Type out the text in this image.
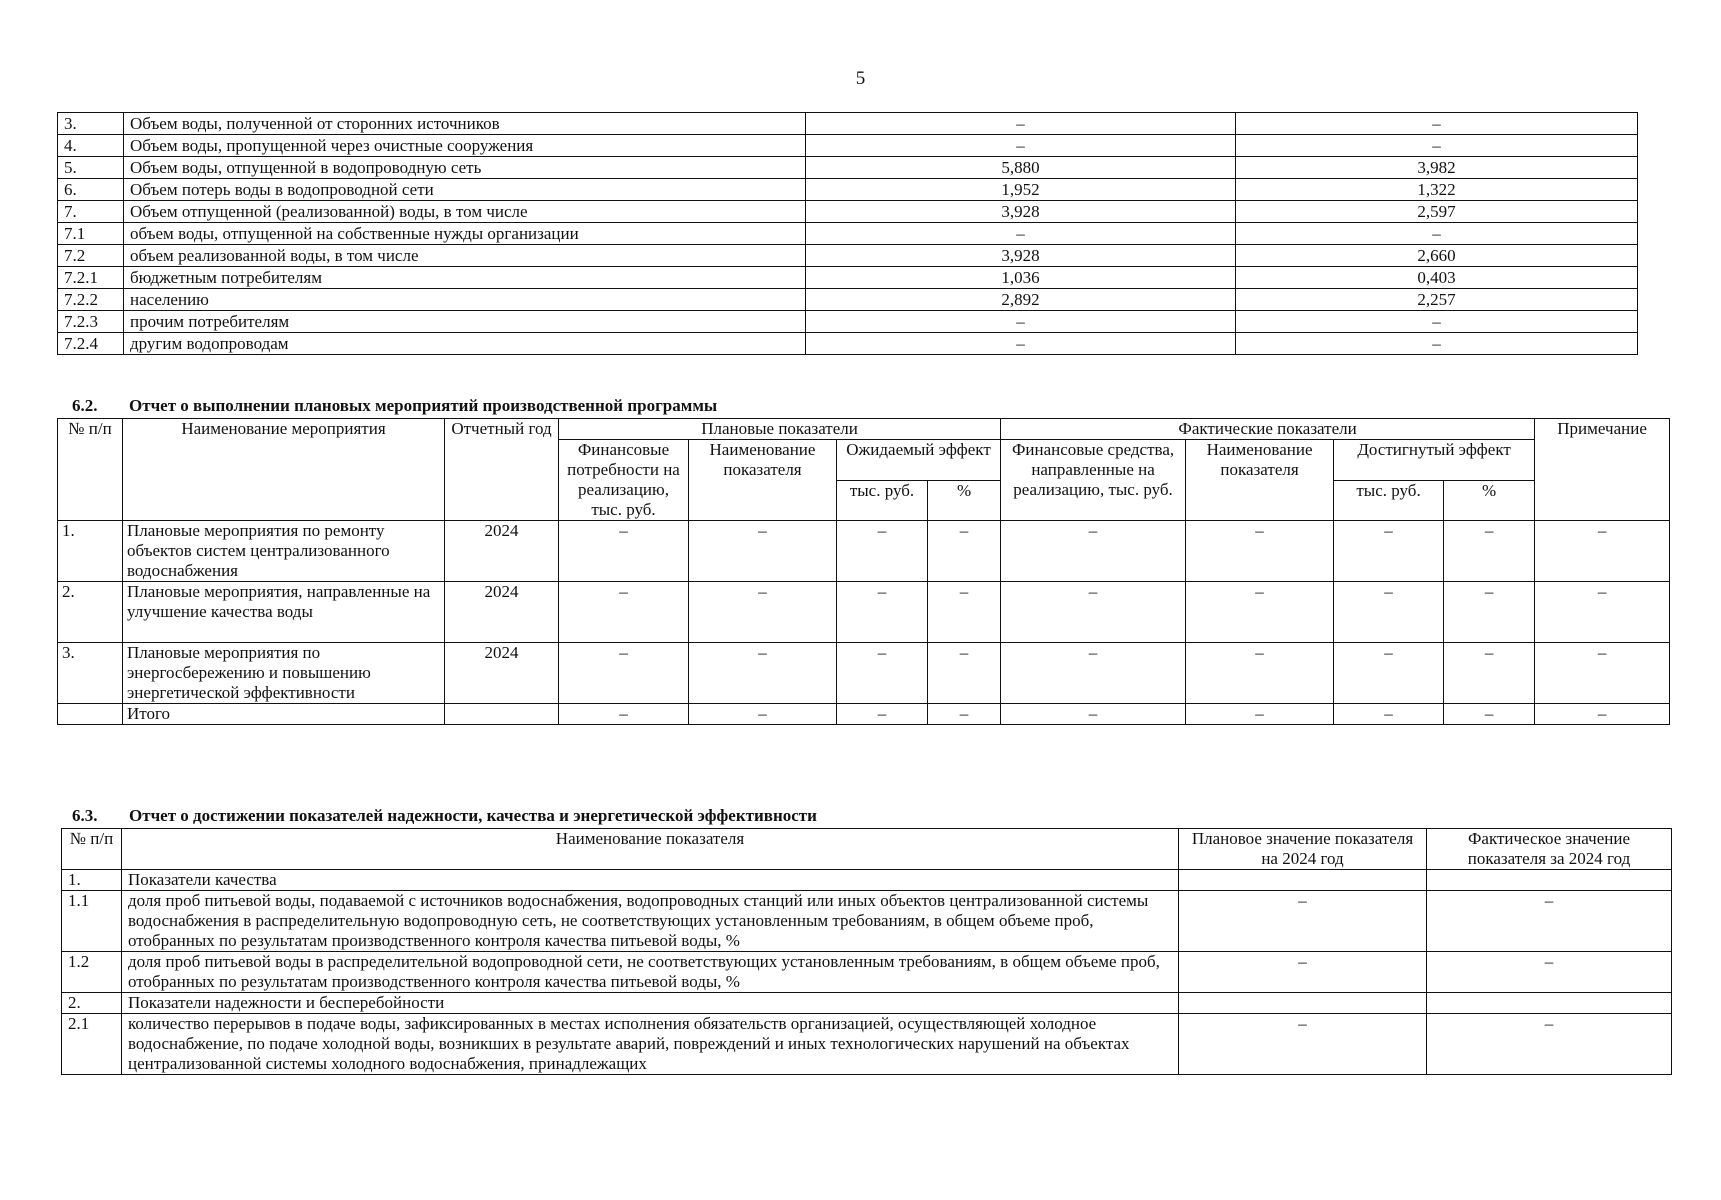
5
3.	Объем воды, полученной от сторонних источников	–	–
4.	Объем воды, пропущенной через очистные сооружения	–	–
5.	Объем воды, отпущенной в водопроводную сеть	5,880	3,982
6.	Объем потерь воды в водопроводной сети	1,952	1,322
7.	Объем отпущенной (реализованной) воды, в том числе	3,928	2,597
7.1	объем воды, отпущенной на собственные нужды организации	–	–
7.2	объем реализованной воды, в том числе	3,928	2,660
7.2.1	бюджетным потребителям	1,036	0,403
7.2.2	населению	2,892	2,257
7.2.3	прочим потребителям	–	–
7.2.4	другим водопроводам	–	–
6.2. Отчет о выполнении плановых мероприятий производственной программы
№ п/п	Наименование мероприятия	Отчетный год	Плановые показатели				Фактические показатели				Примечание
			Финансовые потребности на реализацию, тыс. руб.	Наименование показателя	Ожидаемый эффект		Финансовые средства, направленные на реализацию, тыс. руб.	Наименование показателя	Достигнутый эффект		
					тыс. руб.	%			тыс. руб.	%	
1.	Плановые мероприятия по ремонту объектов систем централизованного водоснабжения	2024	–	–	–	–	–	–	–	–	–
2.	Плановые мероприятия, направленные на улучшение качества воды	2024	–	–	–	–	–	–	–	–	–
3.	Плановые мероприятия по энергосбережению и повышению энергетической эффективности	2024	–	–	–	–	–	–	–	–	–
	Итого		–	–	–	–	–	–	–	–	–
6.3. Отчет о достижении показателей надежности, качества и энергетической эффективности
№ п/п	Наименование показателя	Плановое значение показателя на 2024 год	Фактическое значение показателя за 2024 год
1.	Показатели качества		
1.1	доля проб питьевой воды, подаваемой с источников водоснабжения, водопроводных станций или иных объектов централизованной системы водоснабжения в распределительную водопроводную сеть, не соответствующих установленным требованиям, в общем объеме проб, отобранных по результатам производственного контроля качества питьевой воды, %	–	–
1.2	доля проб питьевой воды в распределительной водопроводной сети, не соответствующих установленным требованиям, в общем объеме проб, отобранных по результатам производственного контроля качества питьевой воды, %	–	–
2.	Показатели надежности и бесперебойности		
2.1	количество перерывов в подаче воды, зафиксированных в местах исполнения обязательств организацией, осуществляющей холодное водоснабжение, по подаче холодной воды, возникших в результате аварий, повреждений и иных технологических нарушений на объектах централизованной системы холодного водоснабжения, принадлежащих	–	–
